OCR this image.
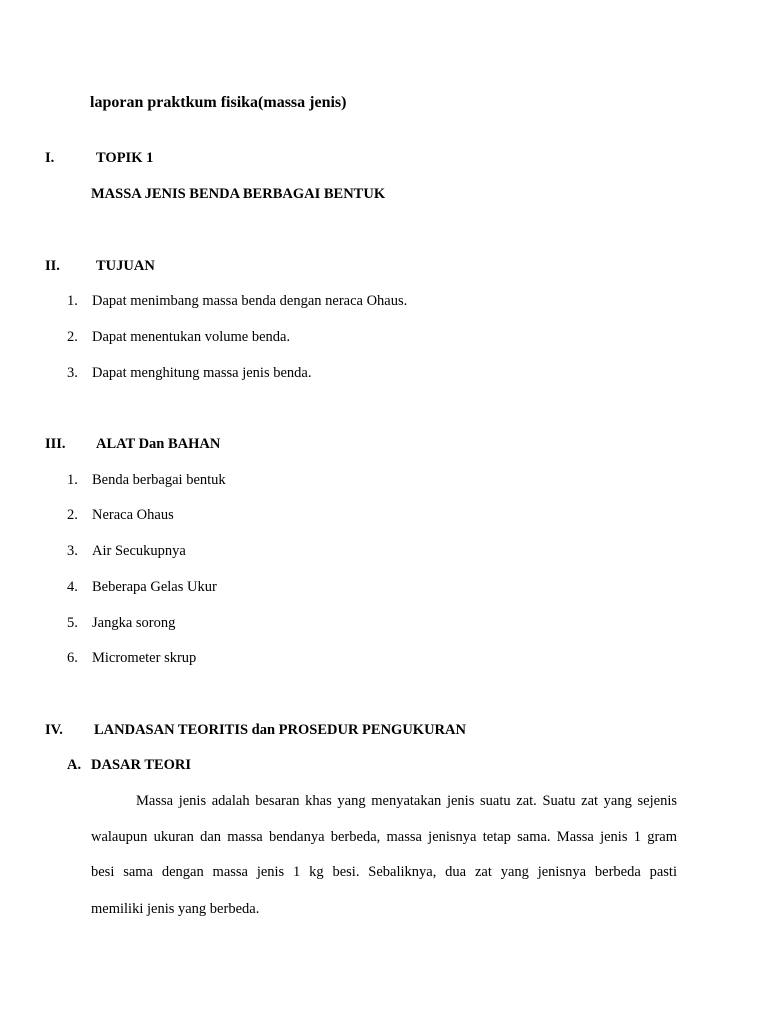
laporan praktkum fisika(massa jenis)
I.	TOPIK 1
MASSA JENIS BENDA BERBAGAI BENTUK
II. TUJUAN
1. Dapat menimbang massa benda dengan neraca Ohaus.
2. Dapat menentukan volume benda.
3. Dapat menghitung massa jenis benda.
III. ALAT Dan BAHAN
1. Benda berbagai bentuk
2. Neraca Ohaus
3. Air Secukupnya
4. Beberapa Gelas Ukur
5. Jangka sorong
6. Micrometer skrup
IV. LANDASAN TEORITIS dan PROSEDUR PENGUKURAN
A. DASAR TEORI
Massa jenis adalah besaran khas yang menyatakan jenis suatu zat. Suatu zat yang sejenis
walaupun ukuran dan massa bendanya berbeda, massa jenisnya tetap sama. Massa jenis 1 gram
besi sama dengan massa jenis 1 kg besi. Sebaliknya, dua zat yang jenisnya berbeda pasti
memiliki jenis yang berbeda.
